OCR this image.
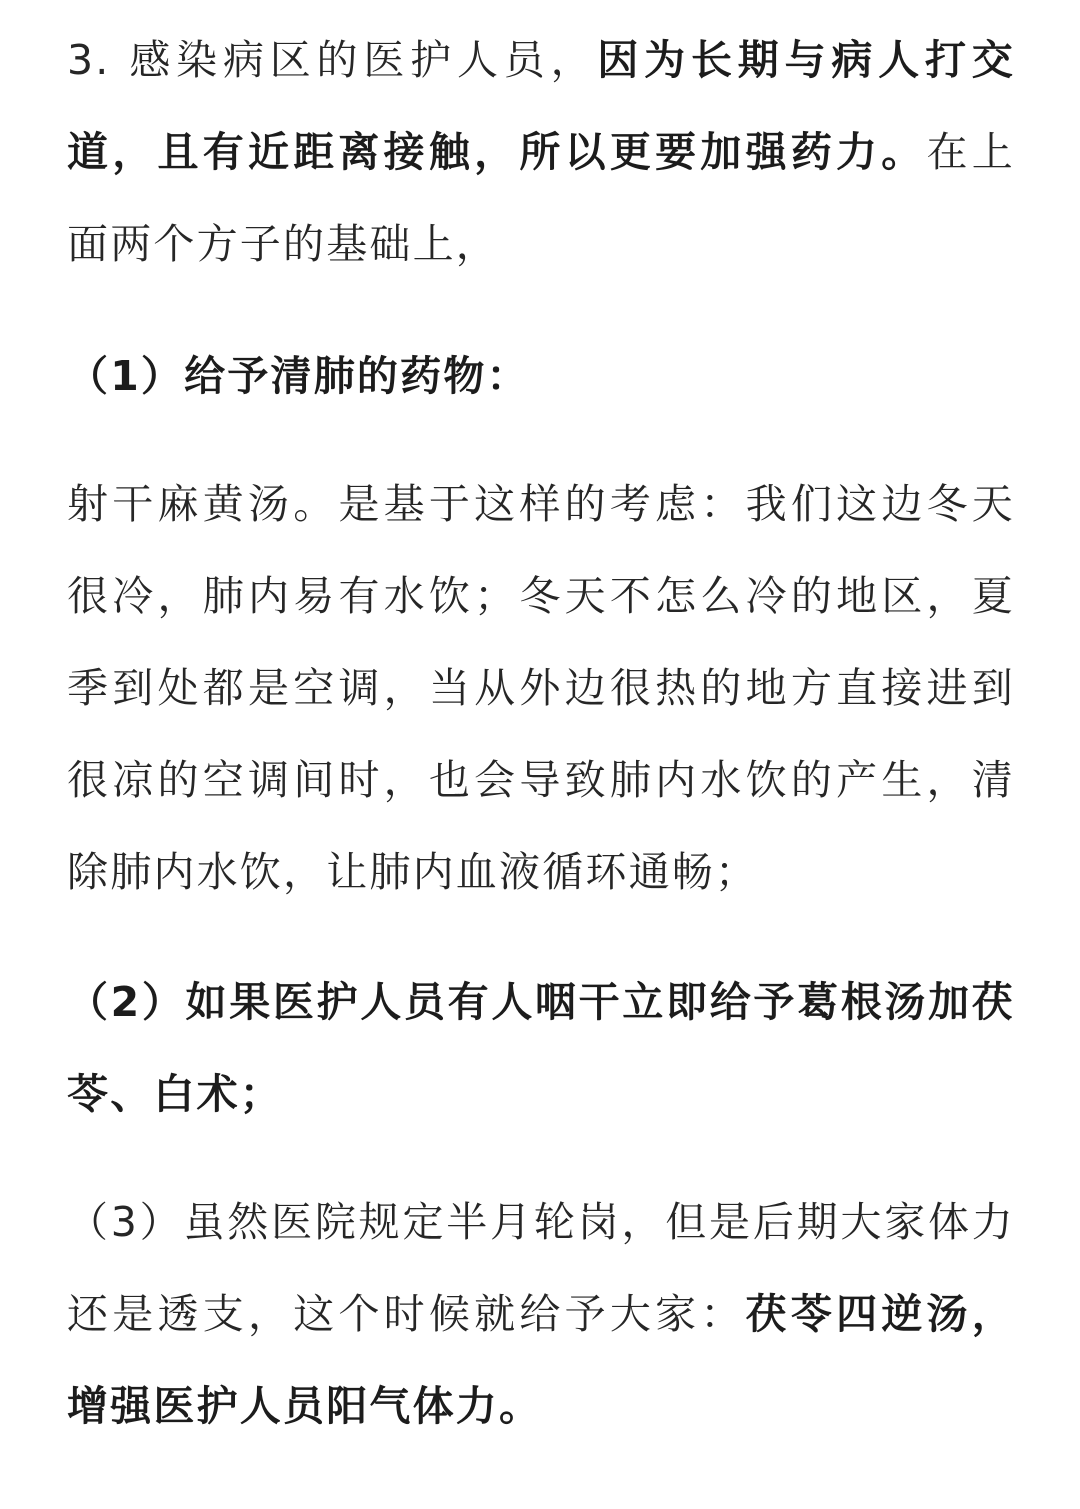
3. 感染病区的医护人员，因为长期与病人打交道，且有近距离接触，所以更要加强药力。在上面两个方子的基础上，

（1）给予清肺的药物：

射干麻黄汤。是基于这样的考虑：我们这边冬天很冷，肺内易有水饮；冬天不怎么冷的地区，夏季到处都是空调，当从外边很热的地方直接进到很凉的空调间时，也会导致肺内水饮的产生，清除肺内水饮，让肺内血液循环通畅；

（2）如果医护人员有人咽干立即给予葛根汤加茯苓、白术；

（3）虽然医院规定半月轮岗，但是后期大家体力还是透支，这个时候就给予大家：茯苓四逆汤，增强医护人员阳气体力。
